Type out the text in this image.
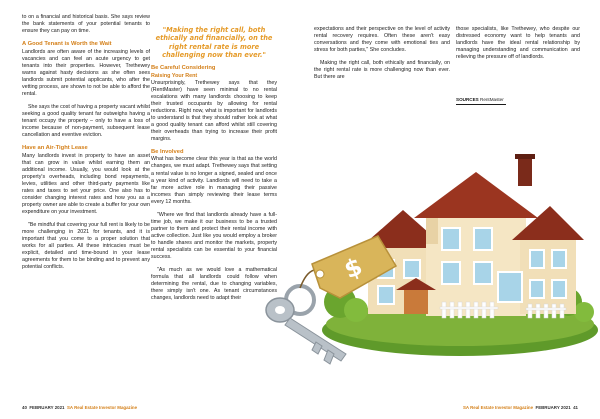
to on a financial and historical basis. She says review the bank statements of your potential tenants to ensure they can pay on time.

A Good Tenant is Worth the Wait

Landlords are often aware of the increasing levels of vacancies and can feel an acute urgency to get tenants into their properties. However, Trethewey warns against hasty decisions as she often sees landlords submit potential applicants, who after the vetting process, are shown to not be able to afford the rental.

She says the cost of having a property vacant whilst seeking a good quality tenant far outweighs having a tenant occupy the property – only to have a loss of income because of non-payment, subsequent lease cancellation and eventive eviction.

Have an Air-Tight Lease

Many landlords invest in property to have an asset that can grow in value whilst earning them an additional income. Usually, you would look at the property's overheads, including bond repayments, levies, utilities and other third-party payments like rates and taxes to set your price. One also has to consider changing interest rates and how you as a property owner are able to create a buffer for your own expenditure on your investment.

"Be mindful that covering your full rent is likely to be more challenging in 2021 for tenants, and it is important that you come to a proper solution that works for all parties. All these intricacies must be explicit, detailed and time-bound in your lease agreements for them to be binding and to prevent any potential conflicts.

"Making the right call, both ethically and financially, on the right rental rate is more challenging now than ever."

Be Careful Considering
Raising Your Rent

Unsurprisingly, Trethewey says that they (RentMaster) have seen minimal to no rental escalations with many landlords choosing to keep their trusted occupants by allowing for rental reductions. Right now, what is important for landlords to understand is that they should rather look at what a good quality tenant can afford whilst still covering their overheads than trying to increase their profit margins.

Be Involved

What has become clear this year is that as the world changes, we must adapt. Trethewey says that setting a rental value is no longer a signed, sealed and once a year kind of activity. Landlords will need to take a far more active role in managing their passive incomes than simply reviewing their lease terms every 12 months.

"Where we find that landlords already have a full-time job, we make it our business to be a trusted partner to them and protect their rental income with active collection. Just like you would employ a broker to handle shares and monitor the markets, property rental specialists can be essential to your financial success.

"As much as we would love a mathematical formula that all landlords could follow when determining the rental, due to changing variables, there simply isn't one. As tenant circumstances changes, landlords need to adapt their

expectations and their perspective on the level of activity rental recovery requires. Often these aren't easy conversations and they come with emotional ties and stress for both parties," She concludes.

Making the right call, both ethically and financially, on the right rental rate is more challenging now than ever. But there are

those specialists, like Trethewey, who despite our distressed economy want to help tenants and landlords have the ideal rental relationship by managing understanding and communication and relieving the pressure off of landlords.

SOURCES RentMaster
$
40 FEBRUARY 2021 SA Real Estate Investor Magazine	SA Real Estate Investor Magazine FEBRUARY 2021 41
